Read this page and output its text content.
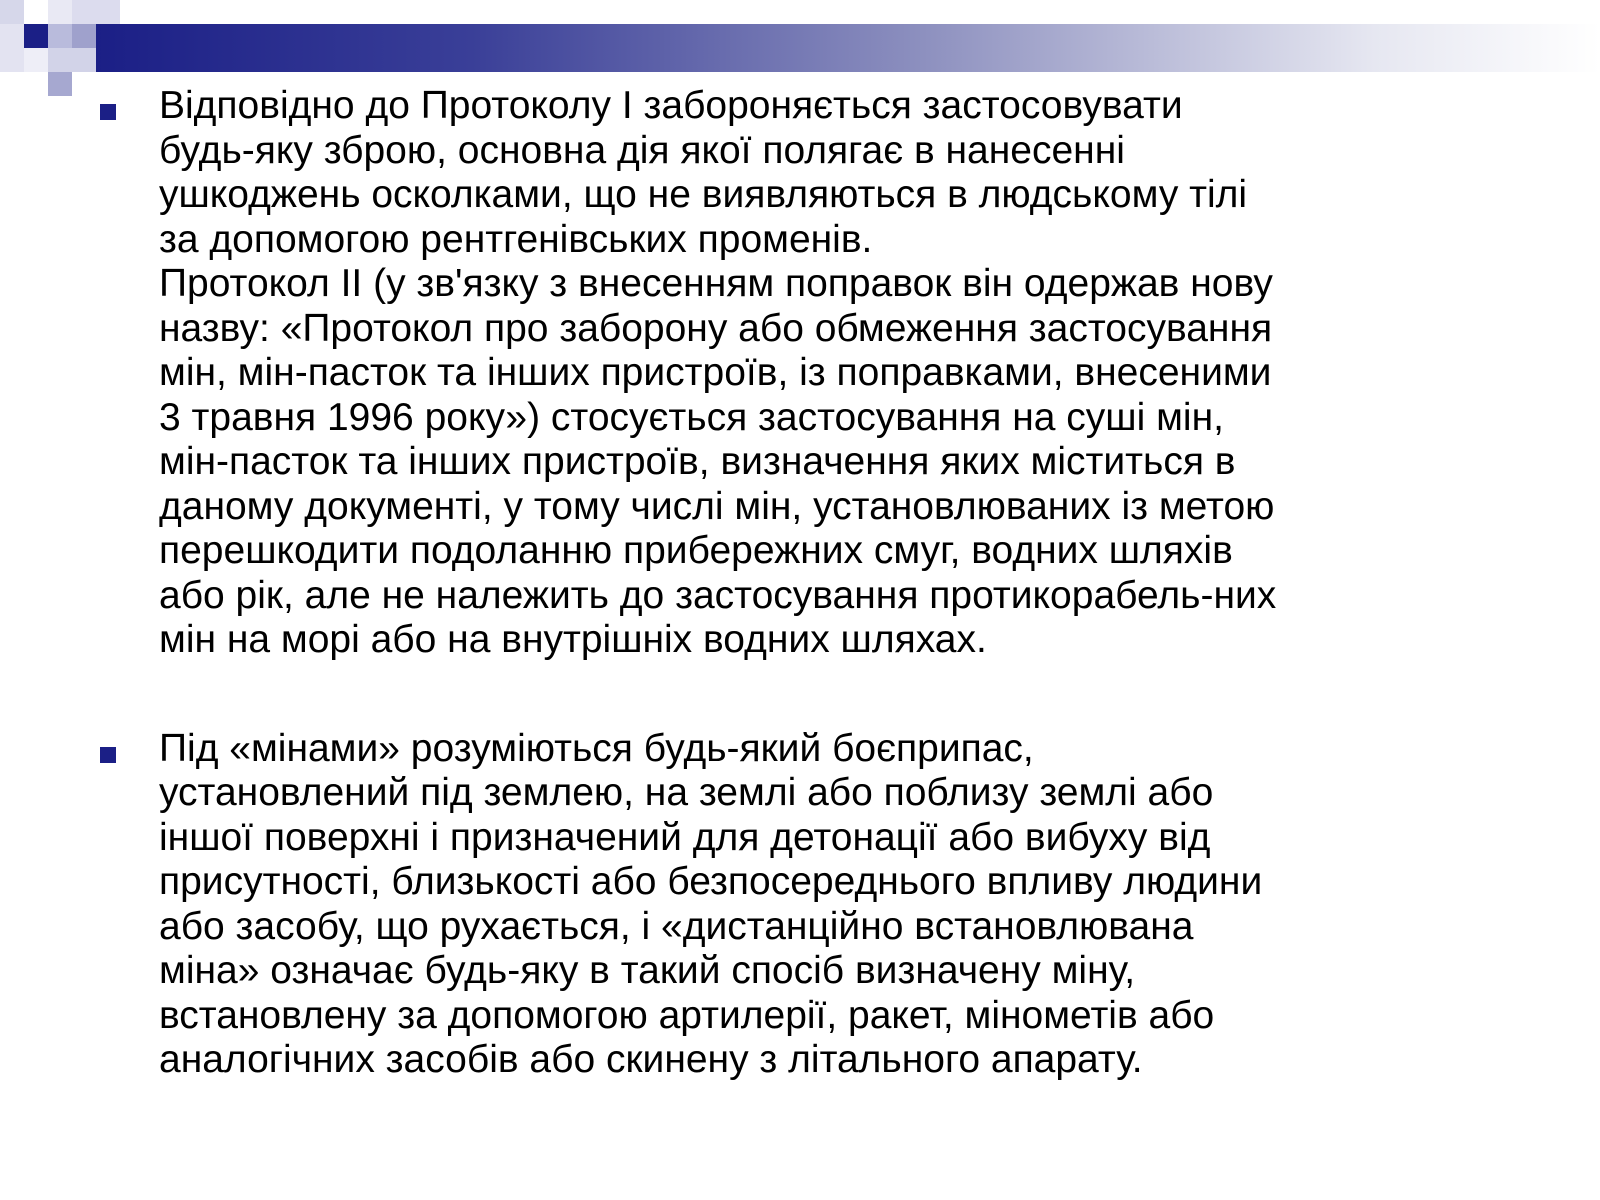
Відповідно до Протоколу I забороняється застосовувати
будь-яку зброю, основна дія якої полягає в нанесенні
ушкоджень осколками, що не виявляються в людському тілі
за допомогою рентгенівських променів.
Протокол II (у зв'язку з внесенням поправок він одержав нову
назву: «Протокол про заборону або обмеження застосування
мін, мін-пасток та інших пристроїв, із поправками, внесеними
3 травня 1996 року») стосується застосування на суші мін,
мін-пасток та інших пристроїв, визначення яких міститься в
даному документі, у тому числі мін, установлюваних із метою
перешкодити подоланню прибережних смуг, водних шляхів
або рік, але не належить до застосування протикорабель-них
мін на морі або на внутрішніх водних шляхах.
Під «мінами» розуміються будь-який боєприпас,
установлений під землею, на землі або поблизу землі або
іншої поверхні і призначений для детонації або вибуху від
присутності, близькості або безпосереднього впливу людини
або засобу, що рухається, і «дистанційно встановлювана
міна» означає будь-яку в такий спосіб визначену міну,
встановлену за допомогою артилерії, ракет, мінометів або
аналогічних засобів або скинену з літального апарату.
